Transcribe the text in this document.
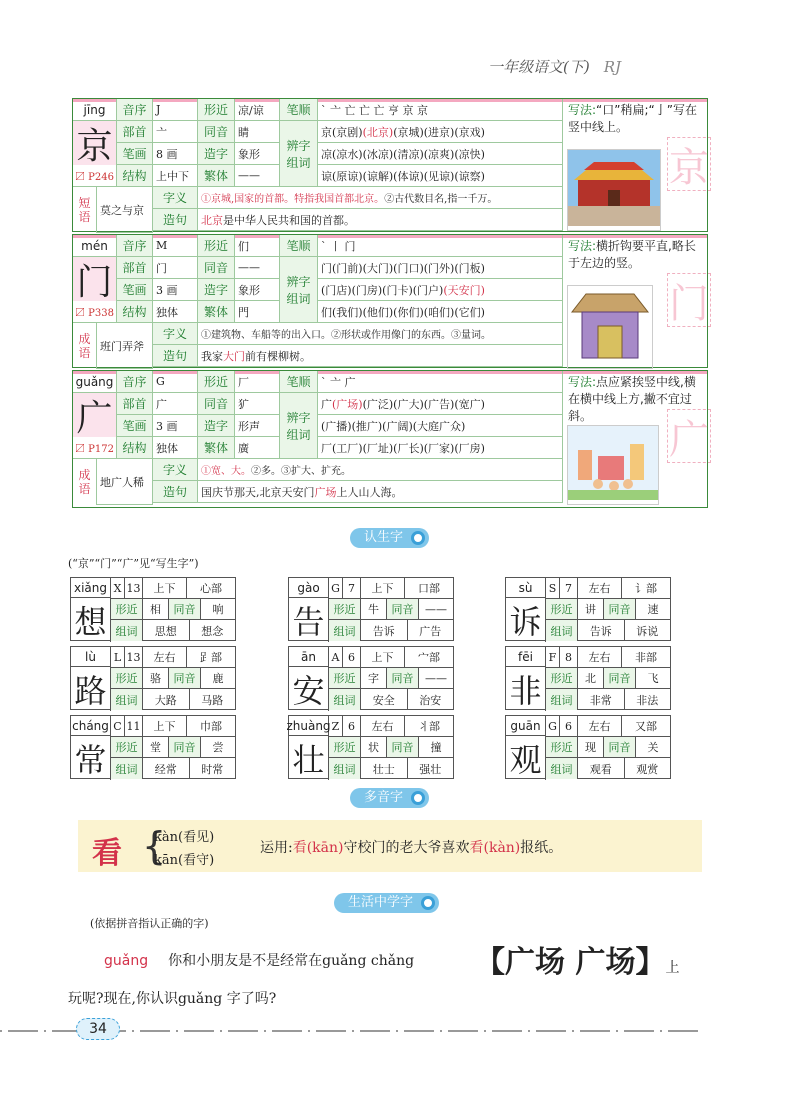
一年级语文(下) RJ
jīng
京
〼 P246
音序 J	形近 凉/谅	笔顺 ` 亠 亡 亡 亡 亨 京 京
部首 亠	同音 睛
笔画 8 画	造字 象形
结构 上中下	繁体 ——
辨字
组词
京(京剧)(北京)(京城)(进京)(京戏)
凉(凉水)(冰凉)(清凉)(凉爽)(凉快)
谅(原谅)(谅解)(体谅)(见谅)(谅察)
短
语 莫之与京
字义	①京城,国家的首都。特指我国首都北京。 ②古代数目名,指一千万。
造句	北京 是中华人民共和国的首都。
写法:“口”稍扁;“亅”写在竖中线上。
京
mén
门
〼 P338
音序 M	形近 们	笔顺 ` 丨 门
部首 门	同音 ——
笔画 3 画	造字 象形
结构 独体	繁体 門
辨字
组词
门(门前)(大门)(门口)(门外)(门板)
(门店)(门房)(门卡)(门户)(天安门)
们(我们)(他们)(你们)(咱们)(它们)
成
语 班门弄斧
字义	①建筑物、车船等的出入口。②形状或作用像门的东西。③量词。
造句	我家 大门 前有棵柳树。
写法:横折钩要平直,略长于左边的竖。
门
guǎng
广
〼 P172
音序 G	形近 厂	笔顺 ` 亠 广
部首 广	同音 犷
笔画 3 画	造字 形声
结构 独体	繁体 廣
辨字
组词
广(广场)(广泛)(广大)(广告)(宽广)
(广播)(推广)(广阔)(大庭广众)
厂(工厂)(厂址)(厂长)(厂家)(厂房)
成
语 地广人稀
字义	①宽、大。 ②多。③扩大、扩充。
造句	国庆节那天,北京天安门 广场 上人山人海。
写法:点应紧挨竖中线,横在横中线上方,撇不宜过斜。
广
认生字
(“京”“门”“广”见“写生字”)
xiǎng
想
X 13	上下	心部
形近	相	同音	响
组词	思想	想念
gào
告
G 7	上下	口部
形近	牛	同音	——
组词	告诉	广告
sù
诉
S 7	左右	讠部
形近	讲	同音	速
组词	告诉	诉说
lù
路
L 13	左右	𧾷部
形近	骆	同音	鹿
组词	大路	马路
ān
安
A 6	上下	宀部
形近	字	同音	——
组词	安全	治安
fēi
非
F 8	左右	非部
形近	北	同音	飞
组词	非常	非法
cháng
常
C 11	上下	巾部
形近	堂	同音	尝
组词	经常	时常
zhuàng
壮
Z 6	左右	丬部
形近	状	同音	撞
组词	壮士	强壮
guān
观
G 6	左右	又部
形近	现	同音	关
组词	观看	观赏
多音字
看 {
kàn(看见)
kān(看守)
运用:看(kān)守校门的老大爷喜欢看(kàn)报纸。
生活中学字
(依据拼音指认正确的字)
guǎng 你和小朋友是不是经常在guǎng chǎng 【广场 广场】上
玩呢?现在,你认识guǎng 字了吗?
34
